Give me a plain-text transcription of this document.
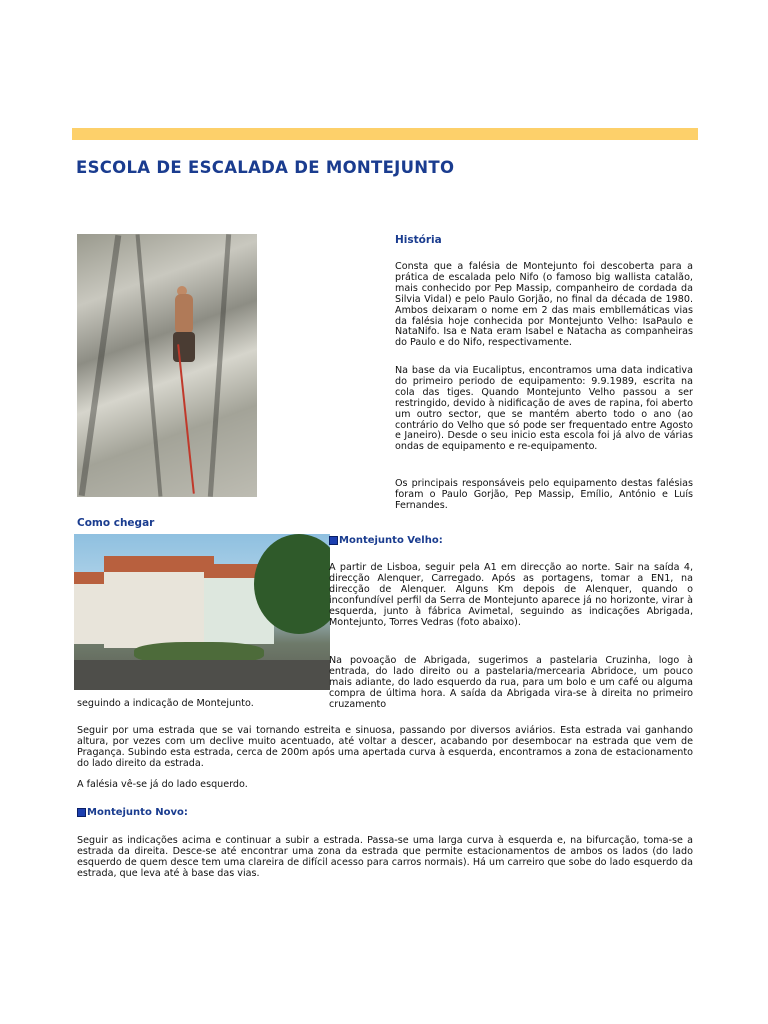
ESCOLA DE ESCALADA DE MONTEJUNTO
História

Consta que a falésia de Montejunto foi descoberta para a prática de escalada pelo Nifo (o famoso big wallista catalão, mais conhecido por Pep Massip, companheiro de cordada da Silvia Vidal) e pelo Paulo Gorjão, no final da década de 1980. Ambos deixaram o nome em 2 das mais embllemáticas vias da falésia hoje conhecida por Montejunto Velho: IsaPaulo e NataNifo. Isa e Nata eram Isabel e Natacha as companheiras do Paulo e do Nifo, respectivamente.

Na base da via Eucaliptus, encontramos uma data indicativa do primeiro periodo de equipamento: 9.9.1989, escrita na cola das tiges. Quando Montejunto Velho passou a ser restringido, devido à nidificação de aves de rapina, foi aberto um outro sector, que se mantém aberto todo o ano (ao contrário do Velho que só pode ser frequentado entre Agosto e Janeiro). Desde o seu inicio esta escola foi já alvo de várias ondas de equipamento e re-equipamento.

Os principais responsáveis pelo equipamento destas falésias foram o Paulo Gorjão, Pep Massip, Emílio, António e Luís Fernandes.

Como chegar
Montejunto Velho:

A partir de Lisboa, seguir pela A1 em direcção ao norte. Sair na saída 4, direcção Alenquer, Carregado. Após as portagens, tomar a EN1, na direcção de Alenquer. Alguns Km depois de Alenquer, quando o inconfundível perfil da Serra de Montejunto aparece já no horizonte, virar à esquerda, junto à fábrica Avimetal, seguindo as indicações Abrigada, Montejunto, Torres Vedras (foto abaixo).

Na povoação de Abrigada, sugerimos a pastelaria Cruzinha, logo à entrada, do lado direito ou a pastelaria/mercearia Abridoce, um pouco mais adiante, do lado esquerdo da rua, para um bolo e um café ou alguma compra de última hora. A saída da Abrigada vira-se à direita no primeiro cruzamento

seguindo a indicação de Montejunto.

Seguir por uma estrada que se vai tornando estreita e sinuosa, passando por diversos aviários. Esta estrada vai ganhando altura, por vezes com um declive muito acentuado, até voltar a descer, acabando por desembocar na estrada que vem de Pragança. Subindo esta estrada, cerca de 200m após uma apertada curva à esquerda, encontramos a zona de estacionamento do lado direito da estrada.

A falésia vê-se já do lado esquerdo.

Montejunto Novo:

Seguir as indicações acima e continuar a subir a estrada. Passa-se uma larga curva à esquerda e, na bifurcação, toma-se a estrada da direita. Desce-se até encontrar uma zona da estrada que permite estacionamentos de ambos os lados (do lado esquerdo de quem desce tem uma clareira de difícil acesso para carros normais). Há um carreiro que sobe do lado esquerdo da estrada, que leva até à base das vias.
